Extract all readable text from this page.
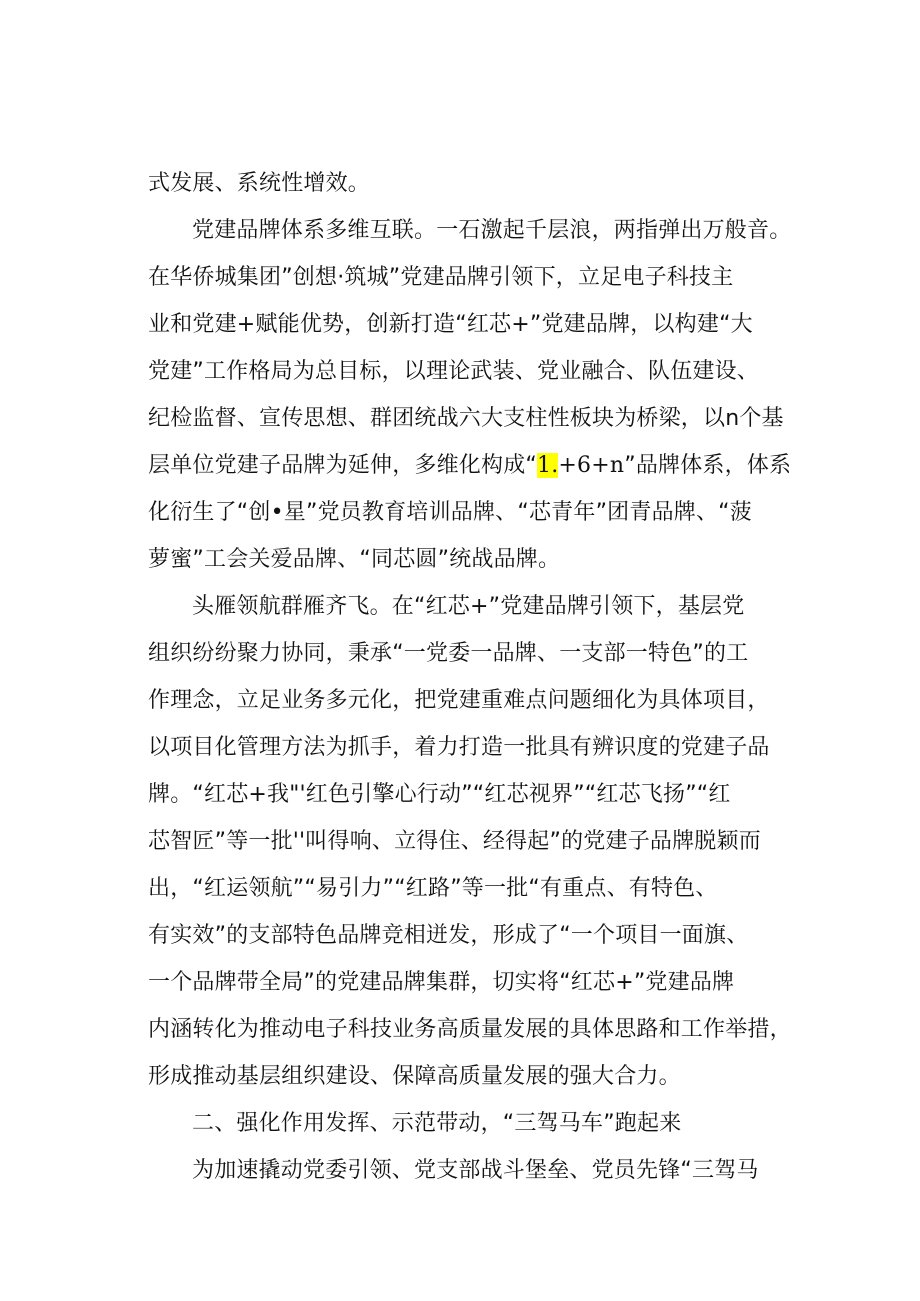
式发展、系统性增效。
党建品牌体系多维互联。一石激起千层浪，两指弹出万般音。
在华侨城集团”创想·筑城”党建品牌引领下，立足电子科技主
业和党建+赋能优势，创新打造“红芯+”党建品牌，以构建“大
党建”工作格局为总目标，以理论武装、党业融合、队伍建设、
纪检监督、宣传思想、群团统战六大支柱性板块为桥梁，以n个基
层单位党建子品牌为延伸，多维化构成“1.+6+n”品牌体系，体系
化衍生了“创•星”党员教育培训品牌、“芯青年”团青品牌、“菠
萝蜜”工会关爱品牌、“同芯圆”统战品牌。
头雁领航群雁齐飞。在“红芯+”党建品牌引领下，基层党
组织纷纷聚力协同，秉承“一党委一品牌、一支部一特色”的工
作理念，立足业务多元化，把党建重难点问题细化为具体项目，
以项目化管理方法为抓手，着力打造一批具有辨识度的党建子品
牌。“红芯+我"'红色引擎心行动”“红芯视界”“红芯飞扬”“红
芯智匠”等一批''叫得响、立得住、经得起”的党建子品牌脱颖而
出，“红运领航”“易引力”“红路”等一批“有重点、有特色、
有实效”的支部特色品牌竞相迸发，形成了“一个项目一面旗、
一个品牌带全局”的党建品牌集群，切实将“红芯+”党建品牌
内涵转化为推动电子科技业务高质量发展的具体思路和工作举措，
形成推动基层组织建设、保障高质量发展的强大合力。
二、强化作用发挥、示范带动，“三驾马车”跑起来
为加速撬动党委引领、党支部战斗堡垒、党员先锋“三驾马
